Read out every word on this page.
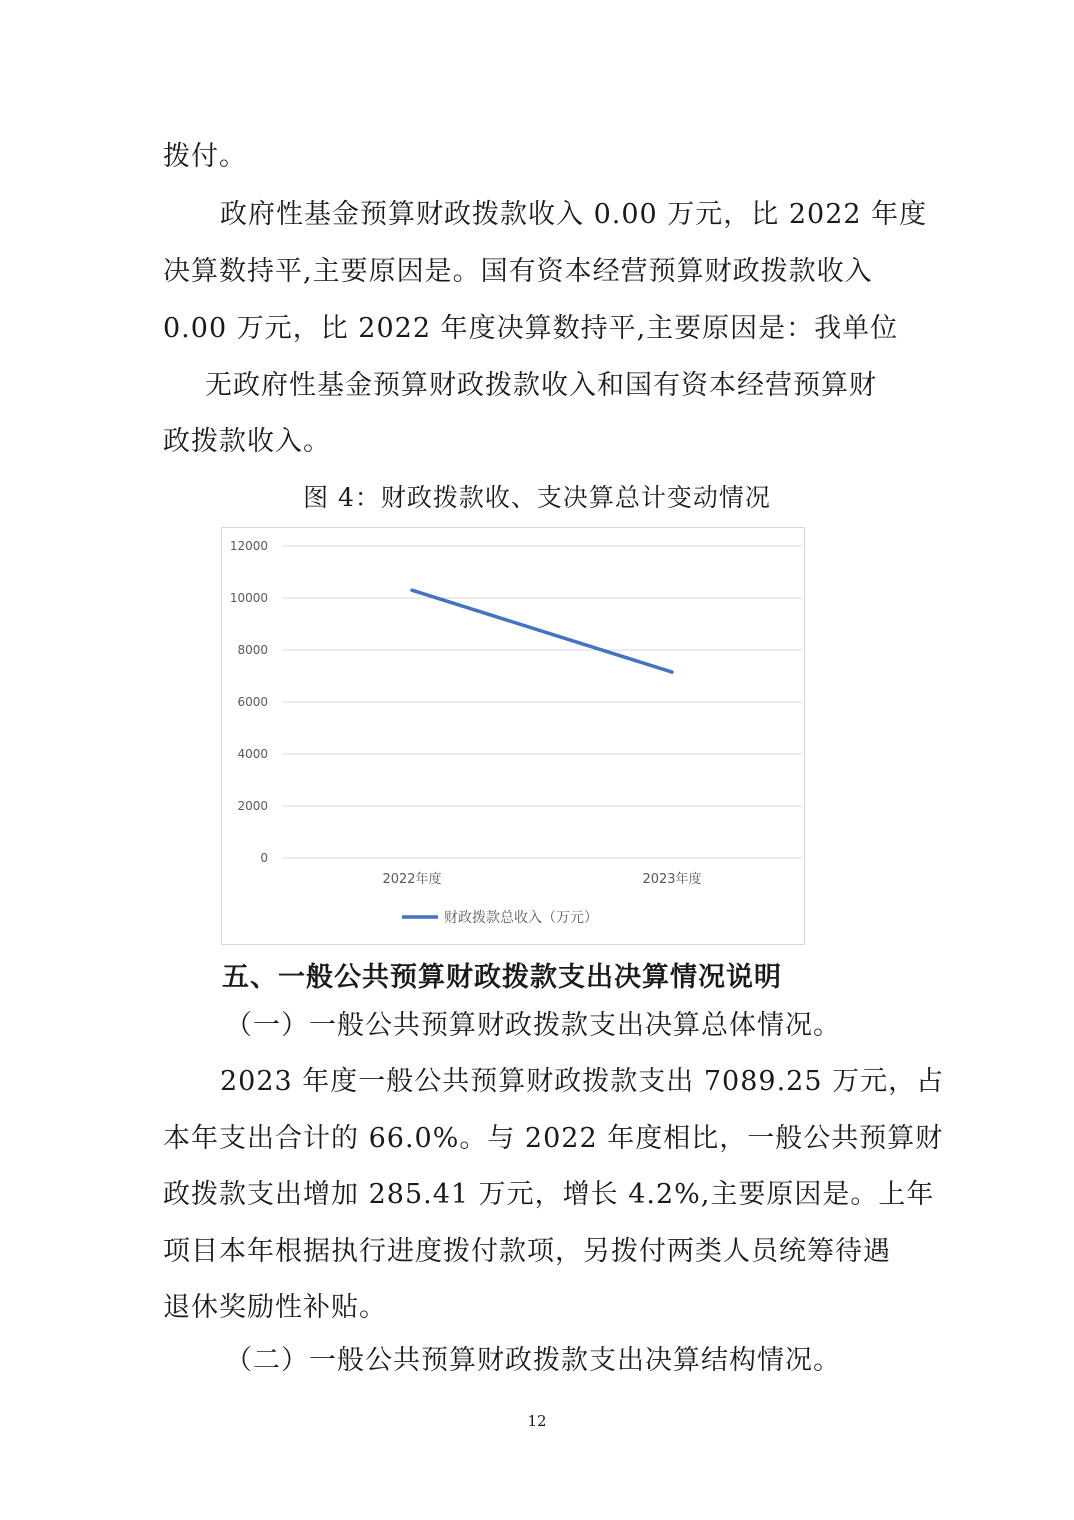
拨付。

政府性基金预算财政拨款收入 0.00 万元，比 2022 年度

决算数持平,主要原因是。国有资本经营预算财政拨款收入

0.00 万元，比 2022 年度决算数持平,主要原因是：我单位

无政府性基金预算财政拨款收入和国有资本经营预算财

政拨款收入。

图 4：财政拨款收、支决算总计变动情况
0
2000
4000
6000
8000
10000
12000
2022年度	2023年度
财政拨款总收入（万元）
五、一般公共预算财政拨款支出决算情况说明

（一）一般公共预算财政拨款支出决算总体情况。

2023 年度一般公共预算财政拨款支出 7089.25 万元，占

本年支出合计的 66.0%。与 2022 年度相比，一般公共预算财

政拨款支出增加 285.41 万元，增长 4.2%,主要原因是。上年

项目本年根据执行进度拨付款项，另拨付两类人员统筹待遇

退休奖励性补贴。

（二）一般公共预算财政拨款支出决算结构情况。

12
